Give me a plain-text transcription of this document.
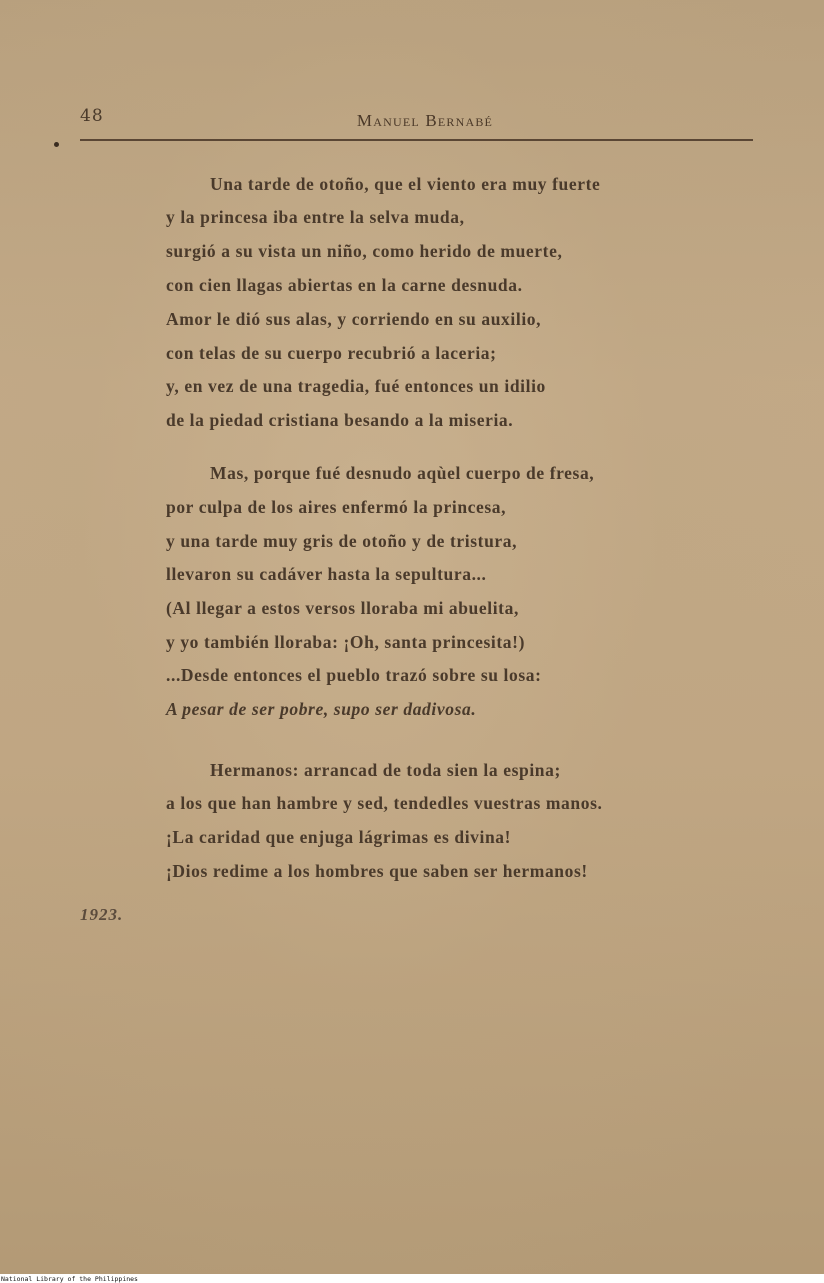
48	Manuel Bernabé
Una tarde de otoño, que el viento era muy fuerte
y la princesa iba entre la selva muda,
surgió a su vista un niño, como herido de muerte,
con cien llagas abiertas en la carne desnuda.
Amor le dió sus alas, y corriendo en su auxilio,
con telas de su cuerpo recubrió a laceria;
y, en vez de una tragedia, fué entonces un idilio
de la piedad cristiana besando a la miseria.
Mas, porque fué desnudo aqùel cuerpo de fresa,
por culpa de los aires enfermó la princesa,
y una tarde muy gris de otoño y de tristura,
llevaron su cadáver hasta la sepultura...
(Al llegar a estos versos lloraba mi abuelita,
y yo también lloraba: ¡Oh, santa princesita!)
...Desde entonces el pueblo trazó sobre su losa:
A pesar de ser pobre, supo ser dadivosa.
Hermanos: arrancad de toda sien la espina;
a los que han hambre y sed, tendedles vuestras manos.
¡La caridad que enjuga lágrimas es divina!
¡Dios redime a los hombres que saben ser hermanos!
1923.
National Library of the Philippines
